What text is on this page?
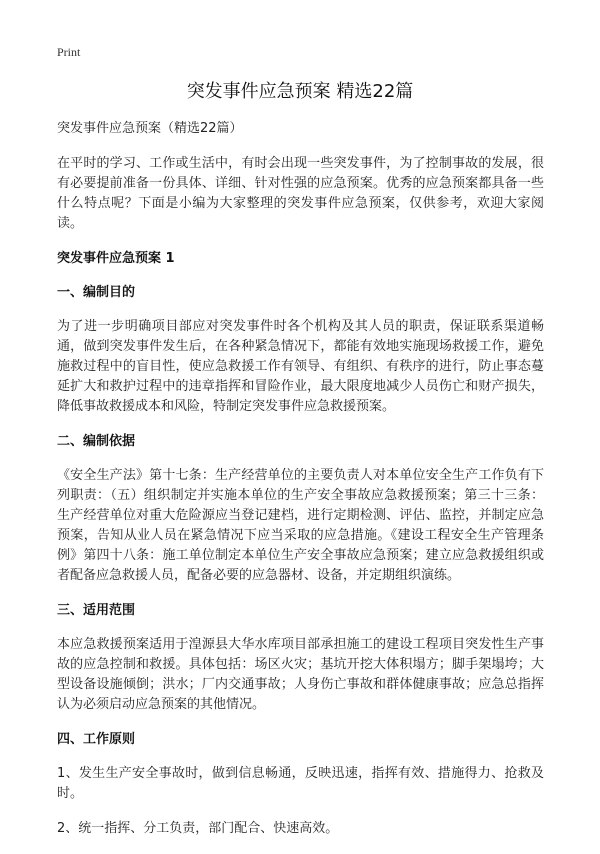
Print
突发事件应急预案 精选22篇
突发事件应急预案（精选22篇）

在平时的学习、工作或生活中，有时会出现一些突发事件，为了控制事故的发展，很有必要提前准备一份具体、详细、针对性强的应急预案。优秀的应急预案都具备一些什么特点呢？下面是小编为大家整理的突发事件应急预案，仅供参考，欢迎大家阅读。

突发事件应急预案 1
一、编制目的

为了进一步明确项目部应对突发事件时各个机构及其人员的职责，保证联系渠道畅通，做到突发事件发生后，在各种紧急情况下，都能有效地实施现场救援工作，避免施救过程中的盲目性，使应急救援工作有领导、有组织、有秩序的进行，防止事态蔓延扩大和救护过程中的违章指挥和冒险作业，最大限度地减少人员伤亡和财产损失，降低事故救援成本和风险，特制定突发事件应急救援预案。

二、编制依据

《安全生产法》第十七条：生产经营单位的主要负责人对本单位安全生产工作负有下列职责：（五）组织制定并实施本单位的生产安全事故应急救援预案；第三十三条：生产经营单位对重大危险源应当登记建档，进行定期检测、评估、监控，并制定应急预案，告知从业人员在紧急情况下应当采取的应急措施。《建设工程安全生产管理条例》第四十八条：施工单位制定本单位生产安全事故应急预案；建立应急救援组织或者配备应急救援人员，配备必要的应急器材、设备，并定期组织演练。

三、适用范围

本应急救援预案适用于湟源县大华水库项目部承担施工的建设工程项目突发性生产事故的应急控制和救援。具体包括：场区火灾；基坑开挖大体积塌方；脚手架塌垮；大型设备设施倾倒；洪水；厂内交通事故；人身伤亡事故和群体健康事故；应急总指挥认为必须启动应急预案的其他情况。

四、工作原则

1、发生生产安全事故时，做到信息畅通，反映迅速，指挥有效、措施得力、抢救及时。

2、统一指挥、分工负责，部门配合、快速高效。
